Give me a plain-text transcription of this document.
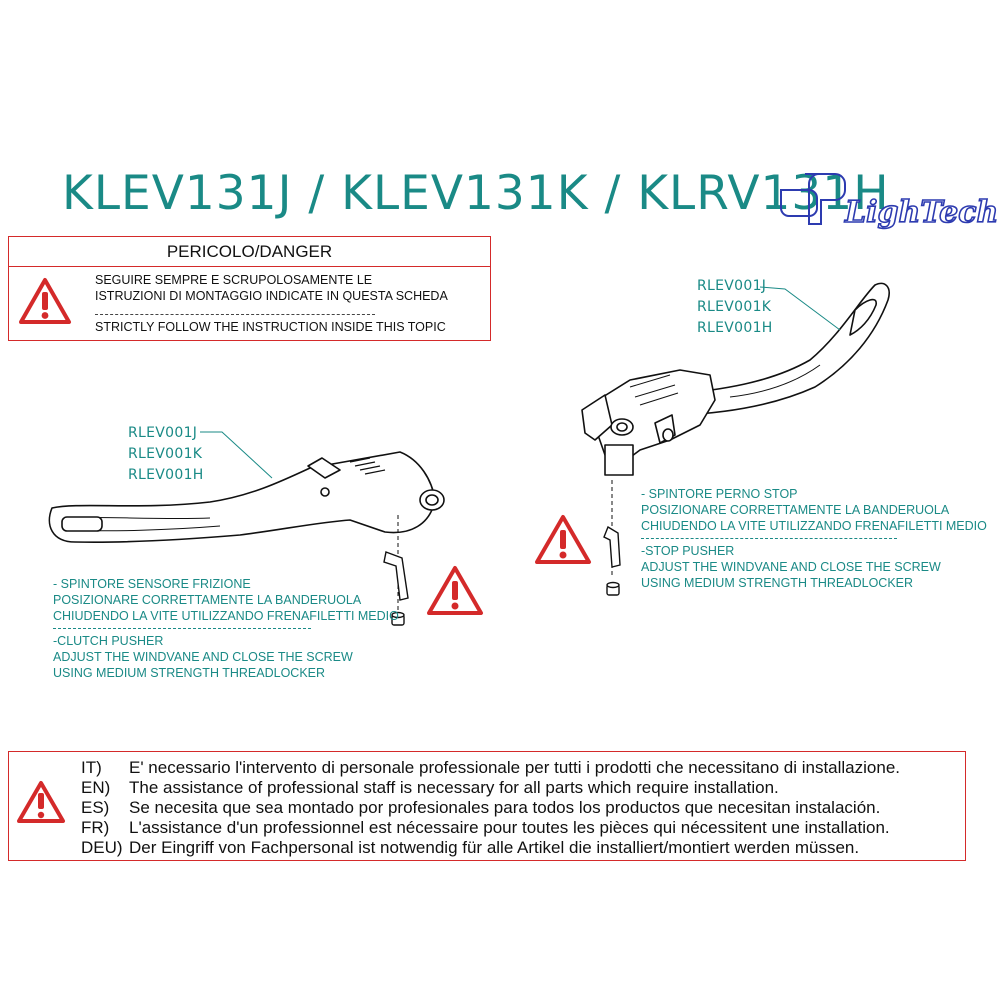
KLEV131J / KLEV131K / KLRV131H
LighTech
PERICOLO/DANGER
SEGUIRE SEMPRE E SCRUPOLOSAMENTE LE
ISTRUZIONI DI MONTAGGIO INDICATE IN QUESTA SCHEDA
STRICTLY FOLLOW THE INSTRUCTION INSIDE THIS TOPIC
RLEV001J
RLEV001K
RLEV001H
RLEV001J
RLEV001K
RLEV001H
- SPINTORE PERNO STOP
POSIZIONARE CORRETTAMENTE LA BANDERUOLA
CHIUDENDO LA VITE UTILIZZANDO FRENAFILETTI MEDIO
-STOP PUSHER
ADJUST THE WINDVANE AND CLOSE THE SCREW
USING MEDIUM STRENGTH THREADLOCKER
- SPINTORE SENSORE FRIZIONE
POSIZIONARE CORRETTAMENTE LA BANDERUOLA
CHIUDENDO LA VITE UTILIZZANDO FRENAFILETTI MEDIO
-CLUTCH PUSHER
ADJUST THE WINDVANE AND CLOSE THE SCREW
USING MEDIUM STRENGTH THREADLOCKER
IT) E' necessario l'intervento di personale professionale per tutti i prodotti che necessitano di installazione.
EN) The assistance of professional staff is necessary for all parts which require installation.
ES) Se necesita que sea montado por profesionales para todos los productos que necesitan instalación.
FR) L'assistance d'un professionnel est nécessaire pour toutes les pièces qui nécessitent une installation.
DEU) Der Eingriff von Fachpersonal ist notwendig für alle Artikel die installiert/montiert werden müssen.
